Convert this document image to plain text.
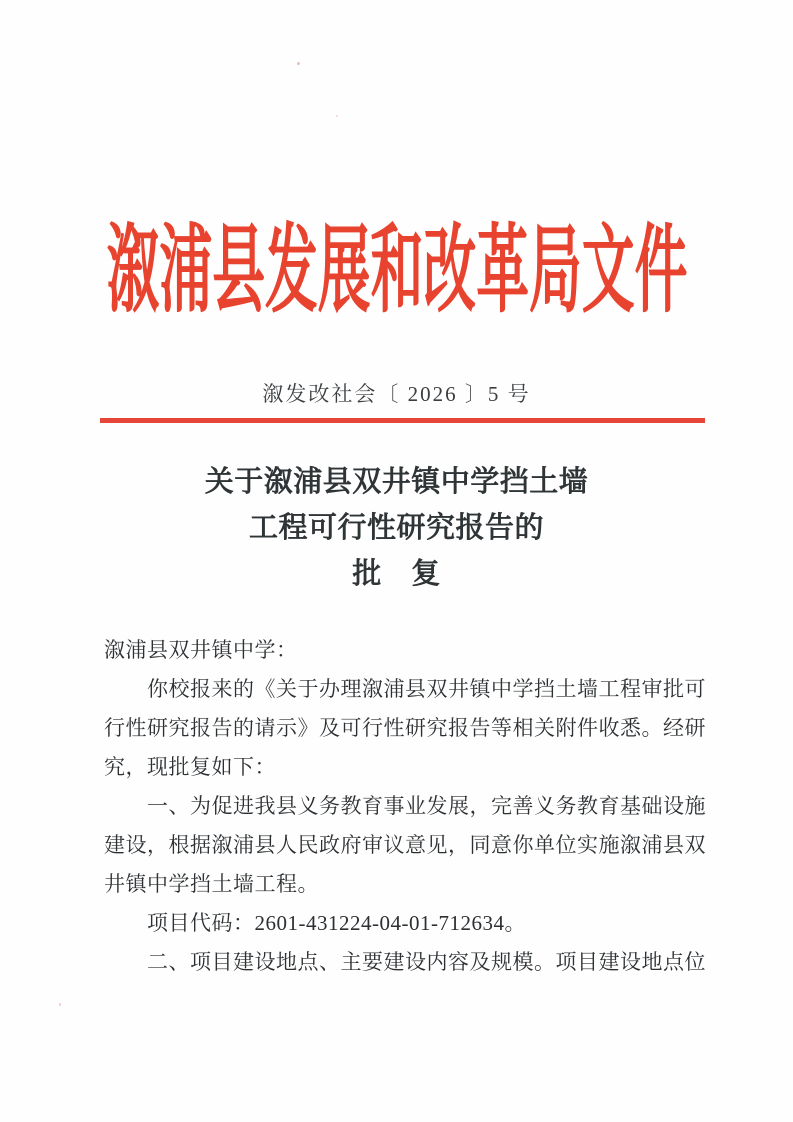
溆浦县发展和改革局文件
溆发改社会〔 2026 〕5 号
关于溆浦县双井镇中学挡土墙
工程可行性研究报告的
批　复
溆浦县双井镇中学：
　　你校报来的《关于办理溆浦县双井镇中学挡土墙工程审批可
行性研究报告的请示》及可行性研究报告等相关附件收悉。经研
究，现批复如下：
　　一、为促进我县义务教育事业发展，完善义务教育基础设施
建设，根据溆浦县人民政府审议意见，同意你单位实施溆浦县双
井镇中学挡土墙工程。
　　项目代码：2601-431224-04-01-712634。
　　二、项目建设地点、主要建设内容及规模。项目建设地点位
